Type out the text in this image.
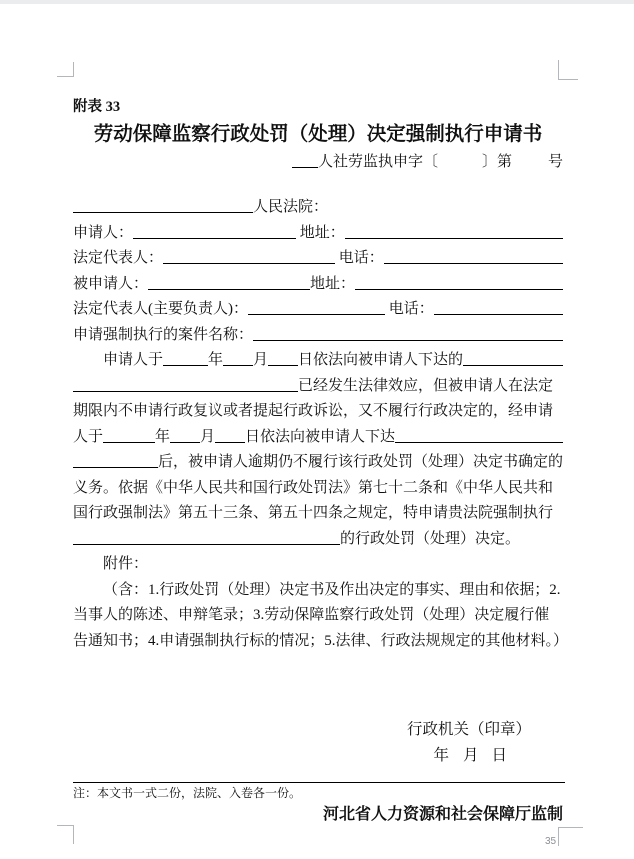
附表 33
劳动保障监察行政处罚（处理）决定强制执行申请书
人社劳监执申字〔	〕第 号
人民法院：
申请人：	地址：
法定代表人：	电话：
被申请人：	地址：
法定代表人(主要负责人)：	电话：
申请强制执行的案件名称：
申请人于	年 月 日依法向被申请人下达的
已经发生法律效应，但被申请人在法定
期限内不申请行政复议或者提起行政诉讼，又不履行行政决定的，经申请
人于	年 月 日依法向被申请人下达
后，被申请人逾期仍不履行该行政处罚（处理）决定书确定的
义务。依据《中华人民共和国行政处罚法》第七十二条和《中华人民共和
国行政强制法》第五十三条、第五十四条之规定，特申请贵法院强制执行
的行政处罚（处理）决定。
附件：
（含：1.行政处罚（处理）决定书及作出决定的事实、理由和依据；2.
当事人的陈述、申辩笔录；3.劳动保障监察行政处罚（处理）决定履行催
告通知书；4.申请强制执行标的情况；5.法律、行政法规规定的其他材料。）
行政机关（印章）
年 月 日
注：本文书一式二份，法院、入卷各一份。
河北省人力资源和社会保障厅监制
35
